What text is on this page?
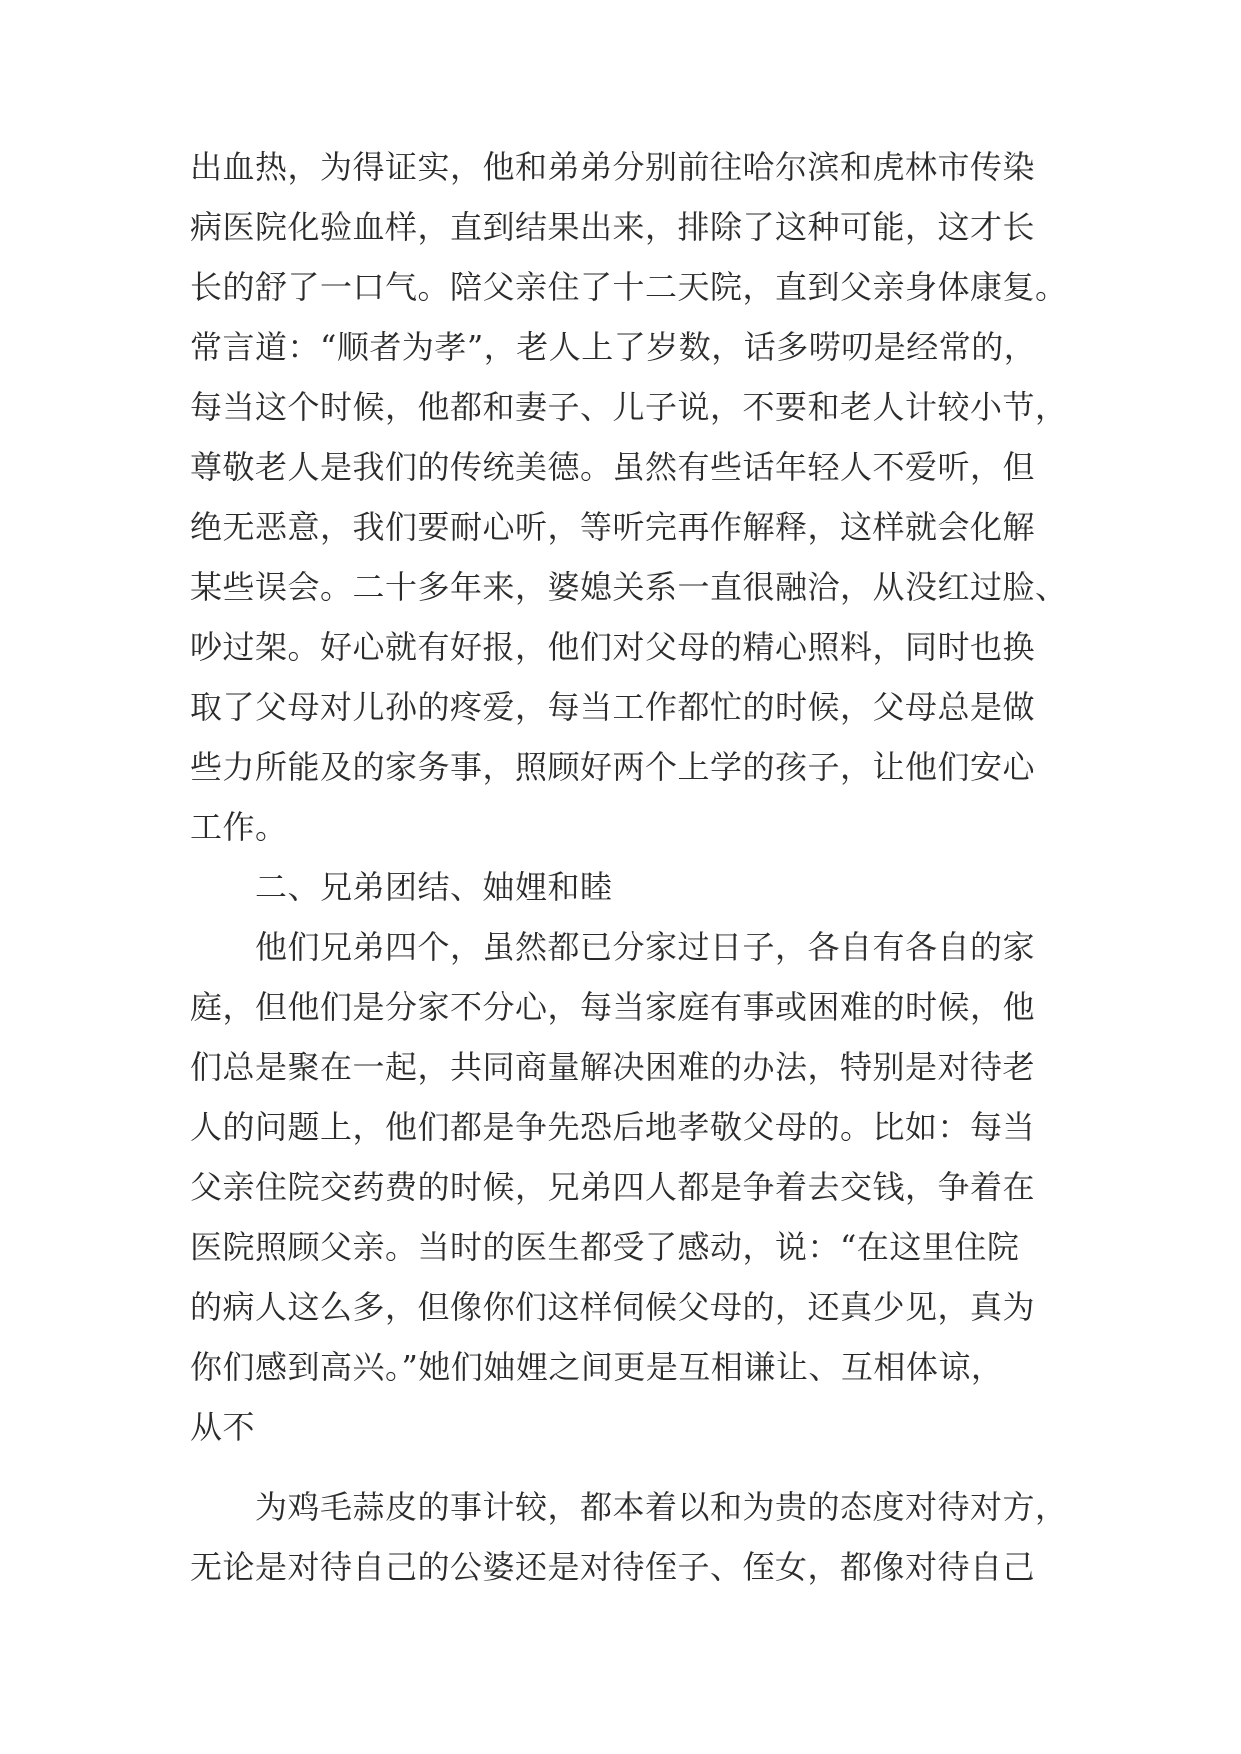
出血热，为得证实，他和弟弟分别前往哈尔滨和虎林市传染
病医院化验血样，直到结果出来，排除了这种可能，这才长
长的舒了一口气。陪父亲住了十二天院，直到父亲身体康复。
常言道：“顺者为孝”，老人上了岁数，话多唠叨是经常的，
每当这个时候，他都和妻子、儿子说，不要和老人计较小节，
尊敬老人是我们的传统美德。虽然有些话年轻人不爱听，但
绝无恶意，我们要耐心听，等听完再作解释，这样就会化解
某些误会。二十多年来，婆媳关系一直很融洽，从没红过脸、
吵过架。好心就有好报，他们对父母的精心照料，同时也换
取了父母对儿孙的疼爱，每当工作都忙的时候，父母总是做
些力所能及的家务事，照顾好两个上学的孩子，让他们安心
工作。
二、兄弟团结、妯娌和睦
他们兄弟四个，虽然都已分家过日子，各自有各自的家
庭，但他们是分家不分心，每当家庭有事或困难的时候，他
们总是聚在一起，共同商量解决困难的办法，特别是对待老
人的问题上，他们都是争先恐后地孝敬父母的。比如：每当
父亲住院交药费的时候，兄弟四人都是争着去交钱，争着在
医院照顾父亲。当时的医生都受了感动，说：“在这里住院
的病人这么多，但像你们这样伺候父母的，还真少见，真为
你们感到高兴。”她们妯娌之间更是互相谦让、互相体谅，
从不
为鸡毛蒜皮的事计较，都本着以和为贵的态度对待对方，
无论是对待自己的公婆还是对待侄子、侄女，都像对待自己
